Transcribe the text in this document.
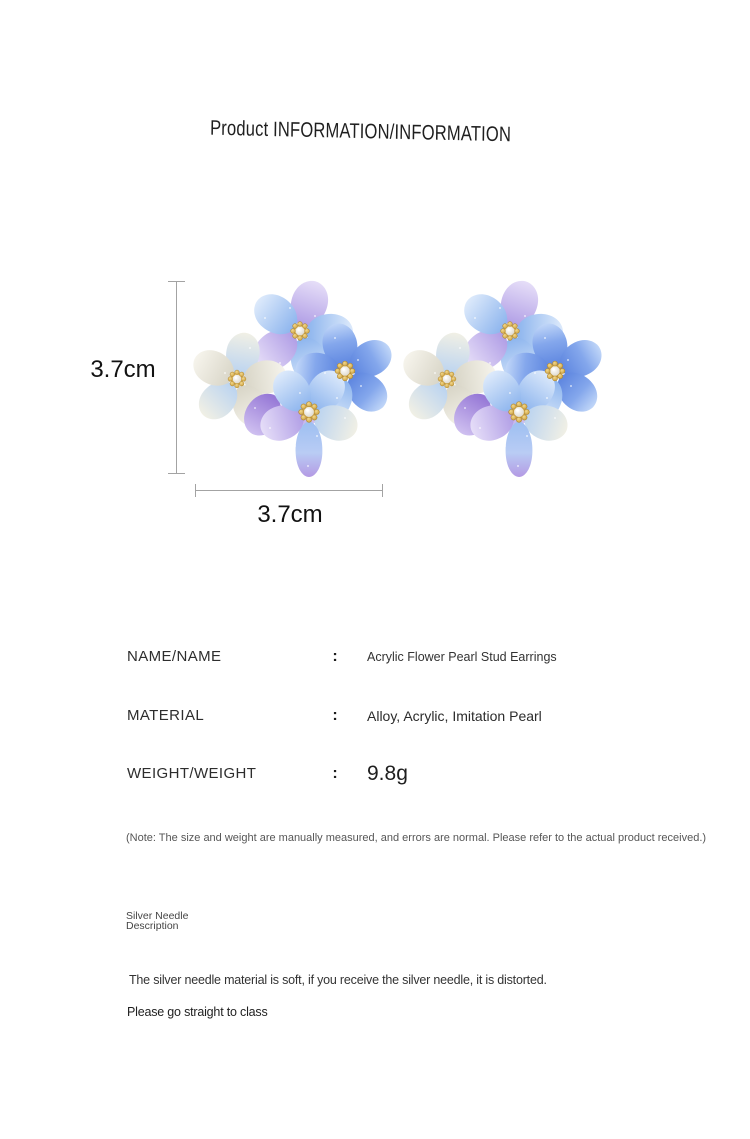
Product INFORMATION/INFORMATION
3.7cm
3.7cm
NAME/NAME	:	Acrylic Flower Pearl Stud Earrings
MATERIAL	:	Alloy, Acrylic, Imitation Pearl
WEIGHT/WEIGHT	: 9.8g
(Note: The size and weight are manually measured, and errors are normal. Please refer to the actual product received.)
Silver Needle
Description
The silver needle material is soft, if you receive the silver needle, it is distorted.
Please go straight to class
